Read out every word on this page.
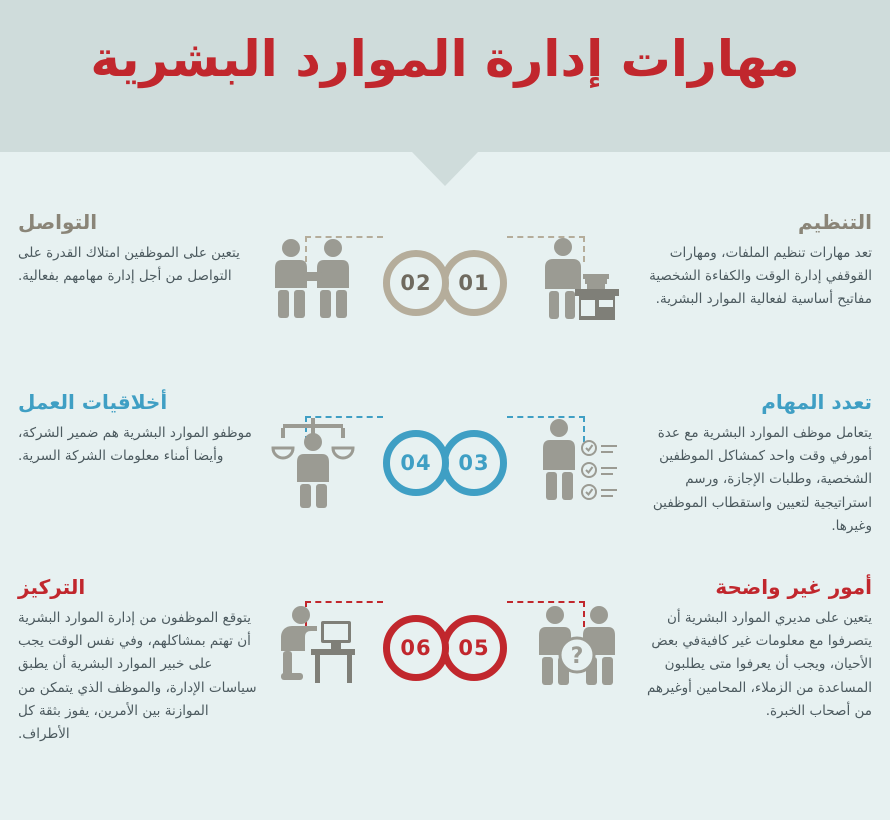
مهارات إدارة الموارد البشرية
التنظيم
تعد مهارات تنظيم الملفات، ومهارات القوقفي إدارة الوقت والكفاءة الشخصية مفاتيح أساسية لفعالية الموارد البشرية.
01
02
التواصل
يتعين على الموظفين امتلاك القدرة على التواصل من أجل إدارة مهامهم بفعالية.
تعدد المهام
يتعامل موظف الموارد البشرية مع عدة أمورفي وقت واحد كمشاكل الموظفين الشخصية، وطلبات الإجازة، ورسم استراتيجية لتعيين واستقطاب الموظفين وغيرها.
03
04
أخلاقيات العمل
موظفو الموارد البشرية هم ضمير الشركة، وأيضا أمناء معلومات الشركة السرية.
أمور غير واضحة
يتعين على مديري الموارد البشرية أن يتصرفوا مع معلومات غير كافيةفي بعض الأحيان، ويجب أن يعرفوا متى يطلبون المساعدة من الزملاء، المحامين أوغيرهم من أصحاب الخبرة.
?
05
06
التركيز
يتوقع الموظفون من إدارة الموارد البشرية أن تهتم بمشاكلهم، وفي نفس الوقت يجب على خبير الموارد البشرية أن يطبق سياسات الإدارة، والموظف الذي يتمكن من الموازنة بين الأمرين، يفوز بثقة كل الأطراف.
